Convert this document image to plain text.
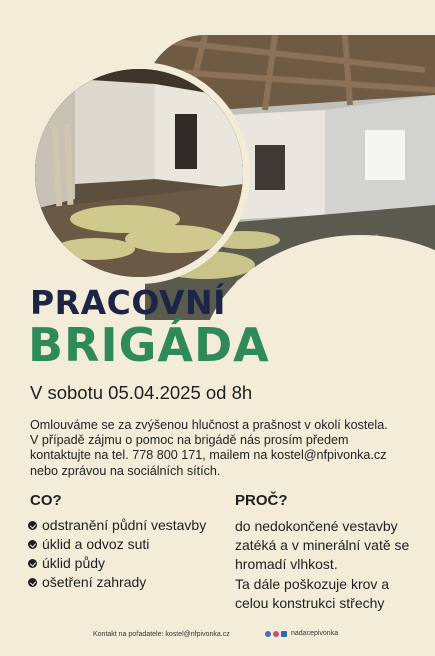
PRACOVNÍ
BRIGÁDA
V sobotu 05.04.2025 od 8h
Omlouváme se za zvýšenou hlučnost a prašnost v okolí kostela.
V případě zájmu o pomoc na brigádě nás prosím předem
kontaktujte na tel. 778 800 171, mailem na kostel@nfpivonka.cz
nebo zprávou na sociálních sítích.
CO?
odstranění půdní vestavby
úklid a odvoz suti
úklid půdy
ošetření zahrady
PROČ?
do nedokončené vestavby
zatéká a v minerální vatě se
hromadí vlhkost.
Ta dále poškozuje krov a
celou konstrukci střechy
Kontakt na pořadatele: kostel@nfpivonka.cz	nadacepivonka
